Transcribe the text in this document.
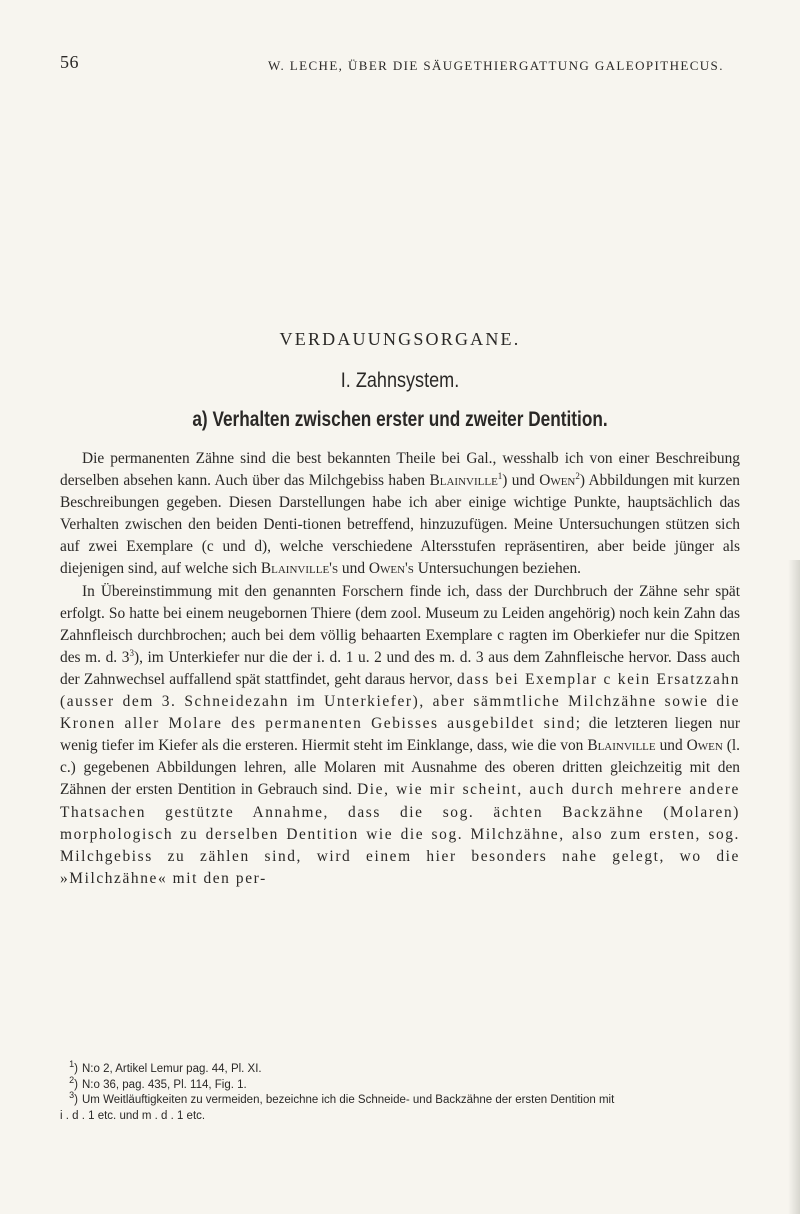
56	W. LECHE, ÜBER DIE SÄUGETHIERGATTUNG GALEOPITHECUS.
VERDAUUNGSORGANE.
I. Zahnsystem.
a) Verhalten zwischen erster und zweiter Dentition.

Die permanenten Zähne sind die best bekannten Theile bei Gal., wesshalb ich von einer Beschreibung derselben absehen kann. Auch über das Milchgebiss haben Blainville$^1$) und Owen$^2$) Abbildungen mit kurzen Beschreibungen gegeben. Diesen Darstellungen habe ich aber einige wichtige Punkte, hauptsächlich das Verhalten zwischen den beiden Denti-tionen betreffend, hinzuzufügen. Meine Untersuchungen stützen sich auf zwei Exemplare (c und d), welche verschiedene Altersstufen repräsentiren, aber beide jünger als diejenigen sind, auf welche sich Blainville's und Owen's Untersuchungen beziehen.

In Übereinstimmung mit den genannten Forschern finde ich, dass der Durchbruch der Zähne sehr spät erfolgt. So hatte bei einem neugebornen Thiere (dem zool. Museum zu Leiden angehörig) noch kein Zahn das Zahnfleisch durchbrochen; auch bei dem völlig behaarten Exemplare c ragten im Oberkiefer nur die Spitzen des m. d. 3$^3$), im Unterkiefer nur die der i. d. 1 u. 2 und des m. d. 3 aus dem Zahnfleische hervor. Dass auch der Zahnwechsel auffallend spät stattfindet, geht daraus hervor, dass bei Exemplar c kein Ersatzzahn (ausser dem 3. Schneidezahn im Unterkiefer), aber sämmtliche Milchzähne sowie die Kronen aller Molare des permanenten Gebisses ausgebildet sind; die letzteren liegen nur wenig tiefer im Kiefer als die ersteren. Hiermit steht im Einklange, dass, wie die von Blainville und Owen (l. c.) gegebenen Abbildungen lehren, alle Molaren mit Ausnahme des oberen dritten gleichzeitig mit den Zähnen der ersten Dentition in Gebrauch sind. Die, wie mir scheint, auch durch mehrere andere Thatsachen gestützte Annahme, dass die sog. ächten Backzähne (Molaren) morphologisch zu derselben Dentition wie die sog. Milchzähne, also zum ersten, sog. Milchgebiss zu zählen sind, wird einem hier besonders nahe gelegt, wo die »Milchzähne« mit den per-

$^1$) N:o 2, Artikel Lemur pag. 44, Pl. XI.
$^2$) N:o 36, pag. 435, Pl. 114, Fig. 1.
$^3$) Um Weitläuftigkeiten zu vermeiden, bezeichne ich die Schneide- und Backzähne der ersten Dentition mit
i . d . 1 etc. und m . d . 1 etc.
